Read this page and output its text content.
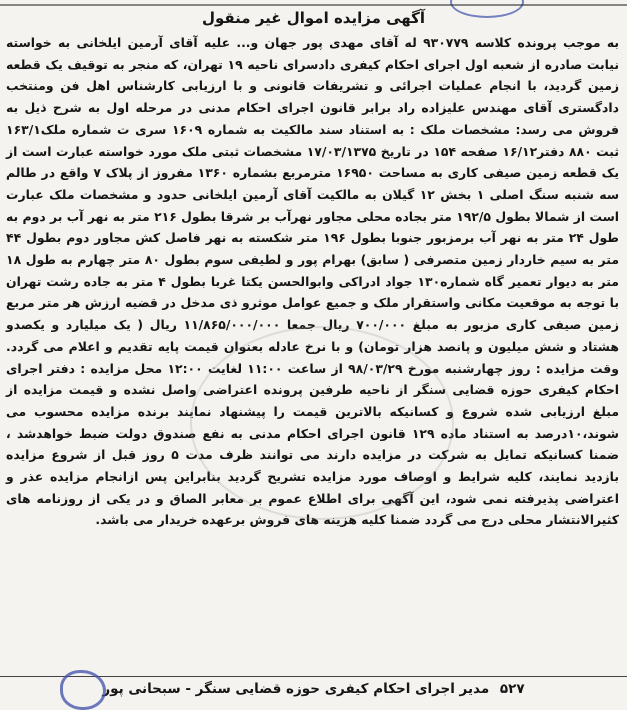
آگهی مزایده اموال غیر منقول

به موجب پرونده کلاسه ۹۳۰۷۷۹ له آقای مهدی پور جهان و... علیه آقای آرمین ایلخانی به خواسته نیابت صادره از شعبه اول اجرای احکام کیفری دادسرای ناحیه ۱۹ تهران، که منجر به توقیف یک قطعه زمین گردید، با انجام عملیات اجرائی و تشریفات قانونی و با ارزیابی کارشناس اهل فن ومنتخب دادگستری آقای مهندس علیزاده راد برابر قانون اجرای احکام مدنی در مرحله اول به شرح ذیل به فروش می رسد: مشخصات ملک : به استناد سند مالکیت به شماره ۱۶۰۹ سری ت شماره ملک۱۶۳/۱ ثبت ۸۸۰ دفتر۱۶/۱۲ صفحه ۱۵۴ در تاریخ ۱۷/۰۳/۱۳۷۵ مشخصات ثبتی ملک مورد خواسته عبارت است از یک قطعه زمین صیفی کاری به مساحت ۱۶۹۵۰ مترمربع بشماره ۱۳۶۰ مفروز از پلاک ۷ واقع در طالم سه شنبه سنگ اصلی ۱ بخش ۱۲ گیلان به مالکیت آقای آرمین ایلخانی حدود و مشخصات ملک عبارت است از شمالا بطول ۱۹۲/۵ متر بجاده محلی مجاور نهرآب بر شرقا بطول ۲۱۶ متر به نهر آب بر دوم به طول ۲۴ متر به نهر آب برمزبور جنوبا بطول ۱۹۶ متر شکسته به نهر فاصل کش مجاور دوم بطول ۴۴ متر به سیم خاردار زمین متصرفی ( سابق) بهرام پور و لطیفی سوم بطول ۸۰ متر چهارم به طول ۱۸ متر به دیوار تعمیر گاه شماره۱۳۰ جواد ادراکی وابوالحسن یکتا غربا بطول ۴ متر به جاده رشت تهران با توجه به موقعیت مکانی واستقرار ملک و جمیع عوامل موثرو ذی مدخل در قضیه ارزش هر متر مربع زمین صیفی کاری مزبور به مبلغ ۷۰۰/۰۰۰ ریال جمعا ۱۱/۸۶۵/۰۰۰/۰۰۰ ریال ( یک میلیارد و یکصدو هشتاد و شش میلیون و پانصد هزار تومان) و با نرخ عادله بعنوان قیمت پایه تقدیم و اعلام می گردد. وقت مزایده : روز چهارشنبه مورخ ۹۸/۰۳/۲۹ از ساعت ۱۱:۰۰ لغایت ۱۲:۰۰ محل مزایده : دفتر اجرای احکام کیفری حوزه قضایی سنگر از ناحیه طرفین پرونده اعتراضی واصل نشده و قیمت مزایده از مبلغ ارزیابی شده شروع و کسانیکه بالاترین قیمت را پیشنهاد نمایند برنده مزایده محسوب می شوند،۱۰درصد به استناد ماده ۱۲۹ قانون اجرای احکام مدنی به نفع صندوق دولت ضبط خواهدشد ، ضمنا کسانیکه تمایل به شرکت در مزایده دارند می توانند ظرف مدت ۵ روز قبل از شروع مزایده بازدید نمایند، کلیه شرایط و اوصاف مورد مزایده تشریح گردید بنابراین پس ازانجام مزایده عذر و اعتراضی پذیرفته نمی شود، این آگهی برای اطلاع عموم بر معابر الصاق و در یکی از روزنامه های کثیرالانتشار محلی درج می گردد ضمنا کلیه هزینه های فروش برعهده خریدار می باشد.

۵۲۷ مدیر اجرای احکام کیفری حوزه قضایی سنگر - سبحانی پور
